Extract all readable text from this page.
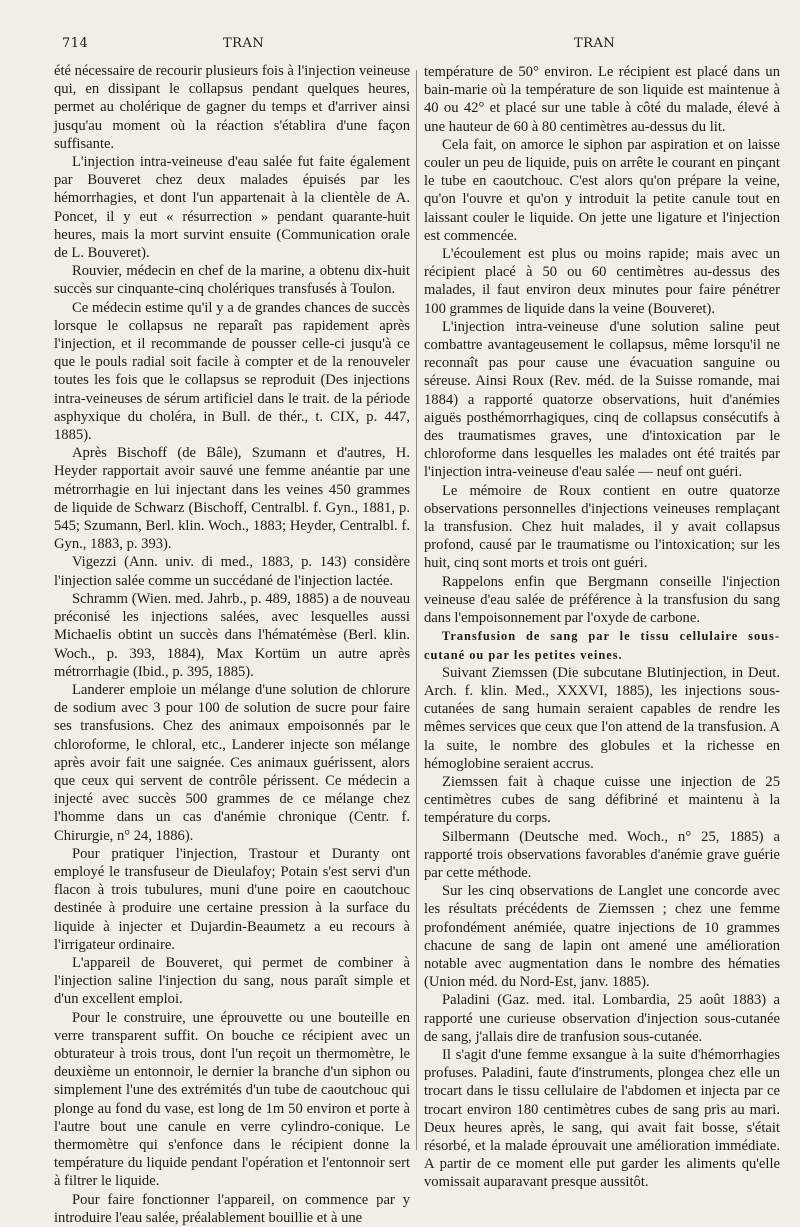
714	TRAN	TRAN

été nécessaire de recourir plusieurs fois à l'injection veineuse qui, en dissipant le collapsus pendant quelques heures, permet au cholérique de gagner du temps et d'arriver ainsi jusqu'au moment où la réaction s'établira d'une façon suffisante.

L'injection intra-veineuse d'eau salée fut faite également par Bouveret chez deux malades épuisés par les hémorrhagies, et dont l'un appartenait à la clientèle de A. Poncet, il y eut « résurrection » pendant quarante-huit heures, mais la mort survint ensuite (Communication orale de L. Bouveret).

Rouvier, médecin en chef de la marine, a obtenu dix-huit succès sur cinquante-cinq cholériques transfusés à Toulon.

Ce médecin estime qu'il y a de grandes chances de succès lorsque le collapsus ne reparaît pas rapidement après l'injection, et il recommande de pousser celle-ci jusqu'à ce que le pouls radial soit facile à compter et de la renouveler toutes les fois que le collapsus se reproduit (Des injections intra-veineuses de sérum artificiel dans le trait. de la période asphyxique du choléra, in Bull. de thér., t. CIX, p. 447, 1885).

Après Bischoff (de Bâle), Szumann et d'autres, H. Heyder rapportait avoir sauvé une femme anéantie par une métrorrhagie en lui injectant dans les veines 450 grammes de liquide de Schwarz (Bischoff, Centralbl. f. Gyn., 1881, p. 545; Szumann, Berl. klin. Woch., 1883; Heyder, Centralbl. f. Gyn., 1883, p. 393).

Vigezzi (Ann. univ. di med., 1883, p. 143) considère l'injection salée comme un succédané de l'injection lactée.

Schramm (Wien. med. Jahrb., p. 489, 1885) a de nouveau préconisé les injections salées, avec lesquelles aussi Michaelis obtint un succès dans l'hématémèse (Berl. klin. Woch., p. 393, 1884), Max Kortüm un autre après métrorrhagie (Ibid., p. 395, 1885).

Landerer emploie un mélange d'une solution de chlorure de sodium avec 3 pour 100 de solution de sucre pour faire ses transfusions. Chez des animaux empoisonnés par le chloroforme, le chloral, etc., Landerer injecte son mélange après avoir fait une saignée. Ces animaux guérissent, alors que ceux qui servent de contrôle périssent. Ce médecin a injecté avec succès 500 grammes de ce mélange chez l'homme dans un cas d'anémie chronique (Centr. f. Chirurgie, n° 24, 1886).

Pour pratiquer l'injection, Trastour et Duranty ont employé le transfuseur de Dieulafoy; Potain s'est servi d'un flacon à trois tubulures, muni d'une poire en caoutchouc destinée à produire une certaine pression à la surface du liquide à injecter et Dujardin-Beaumetz a eu recours à l'irrigateur ordinaire.

L'appareil de Bouveret, qui permet de combiner à l'injection saline l'injection du sang, nous paraît simple et d'un excellent emploi.

Pour le construire, une éprouvette ou une bouteille en verre transparent suffit. On bouche ce récipient avec un obturateur à trois trous, dont l'un reçoit un thermomètre, le deuxième un entonnoir, le dernier la branche d'un siphon ou simplement l'une des extrémités d'un tube de caoutchouc qui plonge au fond du vase, est long de 1m 50 environ et porte à l'autre bout une canule en verre cylindro-conique. Le thermomètre qui s'enfonce dans le récipient donne la température du liquide pendant l'opération et l'entonnoir sert à filtrer le liquide.

Pour faire fonctionner l'appareil, on commence par y introduire l'eau salée, préalablement bouillie et à une

température de 50° environ. Le récipient est placé dans un bain-marie où la température de son liquide est maintenue à 40 ou 42° et placé sur une table à côté du malade, élevé à une hauteur de 60 à 80 centimètres au-dessus du lit.

Cela fait, on amorce le siphon par aspiration et on laisse couler un peu de liquide, puis on arrête le courant en pinçant le tube en caoutchouc. C'est alors qu'on prépare la veine, qu'on l'ouvre et qu'on y introduit la petite canule tout en laissant couler le liquide. On jette une ligature et l'injection est commencée.

L'écoulement est plus ou moins rapide; mais avec un récipient placé à 50 ou 60 centimètres au-dessus des malades, il faut environ deux minutes pour faire pénétrer 100 grammes de liquide dans la veine (Bouveret).

L'injection intra-veineuse d'une solution saline peut combattre avantageusement le collapsus, même lorsqu'il ne reconnaît pas pour cause une évacuation sanguine ou séreuse. Ainsi Roux (Rev. méd. de la Suisse romande, mai 1884) a rapporté quatorze observations, huit d'anémies aiguës posthémorrhagiques, cinq de collapsus consécutifs à des traumatismes graves, une d'intoxication par le chloroforme dans lesquelles les malades ont été traités par l'injection intra-veineuse d'eau salée — neuf ont guéri.

Le mémoire de Roux contient en outre quatorze observations personnelles d'injections veineuses remplaçant la transfusion. Chez huit malades, il y avait collapsus profond, causé par le traumatisme ou l'intoxication; sur les huit, cinq sont morts et trois ont guéri.

Rappelons enfin que Bergmann conseille l'injection veineuse d'eau salée de préférence à la transfusion du sang dans l'empoisonnement par l'oxyde de carbone.

Transfusion de sang par le tissu cellulaire sous-cutané ou par les petites veines.

Suivant Ziemssen (Die subcutane Blutinjection, in Deut. Arch. f. klin. Med., XXXVI, 1885), les injections sous-cutanées de sang humain seraient capables de rendre les mêmes services que ceux que l'on attend de la transfusion. A la suite, le nombre des globules et la richesse en hémoglobine seraient accrus.

Ziemssen fait à chaque cuisse une injection de 25 centimètres cubes de sang défibriné et maintenu à la température du corps.

Silbermann (Deutsche med. Woch., n° 25, 1885) a rapporté trois observations favorables d'anémie grave guérie par cette méthode.

Sur les cinq observations de Langlet une concorde avec les résultats précédents de Ziemssen ; chez une femme profondément anémiée, quatre injections de 10 grammes chacune de sang de lapin ont amené une amélioration notable avec augmentation dans le nombre des hématies (Union méd. du Nord-Est, janv. 1885).

Paladini (Gaz. med. ital. Lombardia, 25 août 1883) a rapporté une curieuse observation d'injection sous-cutanée de sang, j'allais dire de tranfusion sous-cutanée.

Il s'agit d'une femme exsangue à la suite d'hémorrhagies profuses. Paladini, faute d'instruments, plongea chez elle un trocart dans le tissu cellulaire de l'abdomen et injecta par ce trocart environ 180 centimètres cubes de sang pris au mari. Deux heures après, le sang, qui avait fait bosse, s'était résorbé, et la malade éprouvait une amélioration immédiate. A partir de ce moment elle put garder les aliments qu'elle vomissait auparavant presque aussitôt.
